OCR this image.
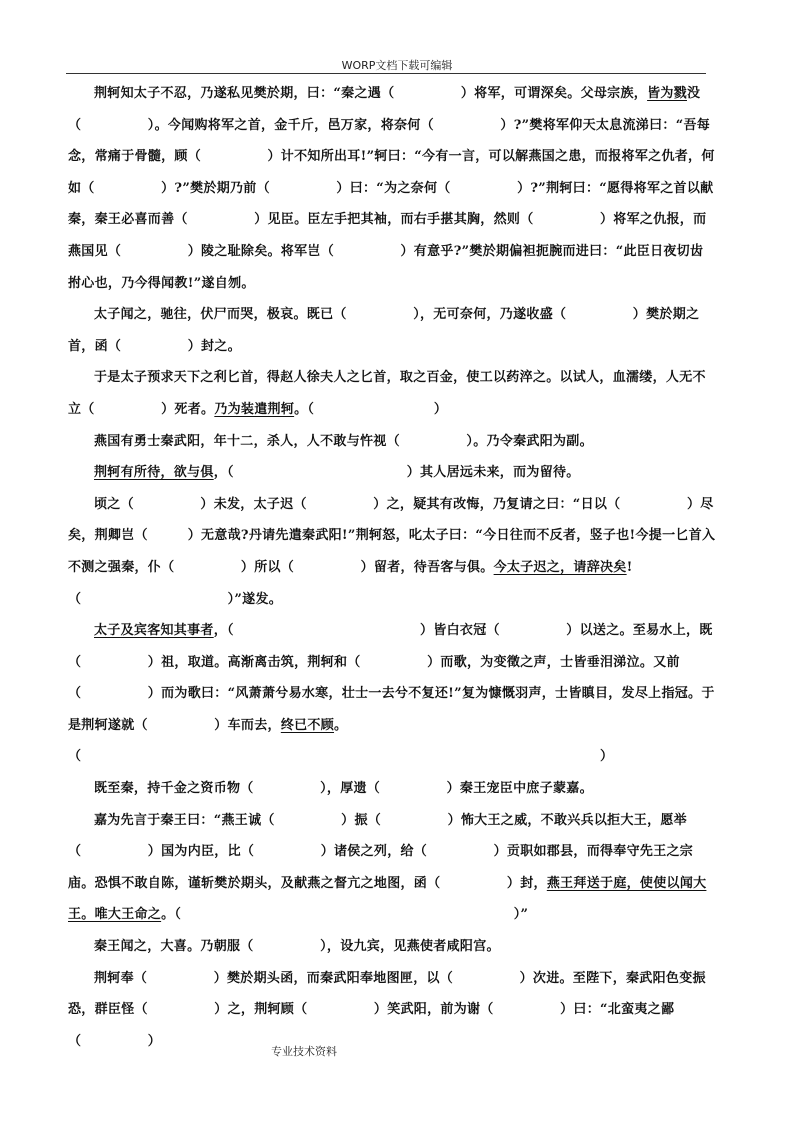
WORP文档下载可编辑

荆轲知太子不忍，乃遂私见樊於期，曰：“秦之遇（　　　　　）将军，可谓深矣。父母宗族，皆为戮没（　　　　　）。今闻购将军之首，金千斤，邑万家，将奈何（　　　　　）?”樊将军仰天太息流涕曰：“吾每念，常痛于骨髓，顾（　　　　　）计不知所出耳!”轲曰：“今有一言，可以解燕国之患，而报将军之仇者，何如（　　　　　）?”樊於期乃前（　　　　　）曰：“为之奈何（　　　　　）?”荆轲曰：“愿得将军之首以献秦，秦王必喜而善（　　　　　）见臣。臣左手把其袖，而右手揕其胸，然则（　　　　　）将军之仇报，而燕国见（　　　　　）陵之耻除矣。将军岂（　　　　　）有意乎?”樊於期偏袒扼腕而进曰：“此臣日夜切齿拊心也，乃今得闻教!”遂自刎。

太子闻之，驰往，伏尸而哭，极哀。既已（　　　　　），无可奈何，乃遂收盛（　　　　　）樊於期之首，函（　　　　　）封之。

于是太子预求天下之利匕首，得赵人徐夫人之匕首，取之百金，使工以药淬之。以试人，血濡缕，人无不立（　　　　　）死者。乃为装遣荆轲。（　　　　　　　　　）

燕国有勇士秦武阳，年十二，杀人，人不敢与忤视（　　　　　）。乃令秦武阳为副。

荆轲有所待，欲与俱，（　　　　　　　　　　　　　）其人居远未来，而为留待。

顷之（　　　　　）未发，太子迟（　　　　　）之，疑其有改悔，乃复请之曰：“日以（　　　　　）尽矣，荆卿岂（　　　）无意哉?丹请先遣秦武阳!”荆轲怒，叱太子曰：“今日往而不反者，竖子也!今提一匕首入不测之强秦，仆（　　　　　）所以（　　　　　）留者，待吾客与俱。今太子迟之，请辞决矣!（　　　　　　　　　　　）”遂发。

太子及宾客知其事者，（　　　　　　　　　　　　　　）皆白衣冠（　　　　　）以送之。至易水上，既（　　　　　）祖，取道。高渐离击筑，荆轲和（　　　　　）而歌，为变徵之声，士皆垂泪涕泣。又前（　　　　　）而为歌曰：“风萧萧兮易水寒，壮士一去兮不复还!”复为慷慨羽声，士皆瞋目，发尽上指冠。于是荆轲遂就（　　　　　）车而去，终已不顾。（　　　　　　　　　　　　　　　　　　　　　　　　　　　　　　　　　　　　　　　）

既至秦，持千金之资币物（　　　　　），厚遗（　　　　　）秦王宠臣中庶子蒙嘉。

嘉为先言于秦王曰：“燕王诚（　　　　　）振（　　　　　）怖大王之威，不敢兴兵以拒大王，愿举（　　　　　）国为内臣，比（　　　　　）诸侯之列，给（　　　　　）贡职如郡县，而得奉守先王之宗庙。恐惧不敢自陈，谨斩樊於期头，及献燕之督亢之地图，函（　　　　　）封，燕王拜送于庭，使使以闻大王。唯大王命之。（　　　　　　　　　　　　　　　　　　　　　　　　　）”

秦王闻之，大喜。乃朝服（　　　　　），设九宾，见燕使者咸阳宫。

荆轲奉（　　　　　）樊於期头函，而秦武阳奉地图匣，以（　　　　　）次进。至陛下，秦武阳色变振恐，群臣怪（　　　　　）之，荆轲顾（　　　　　）笑武阳，前为谢（　　　　　）曰：“北蛮夷之鄙（　　　　　）

专业技术资料
